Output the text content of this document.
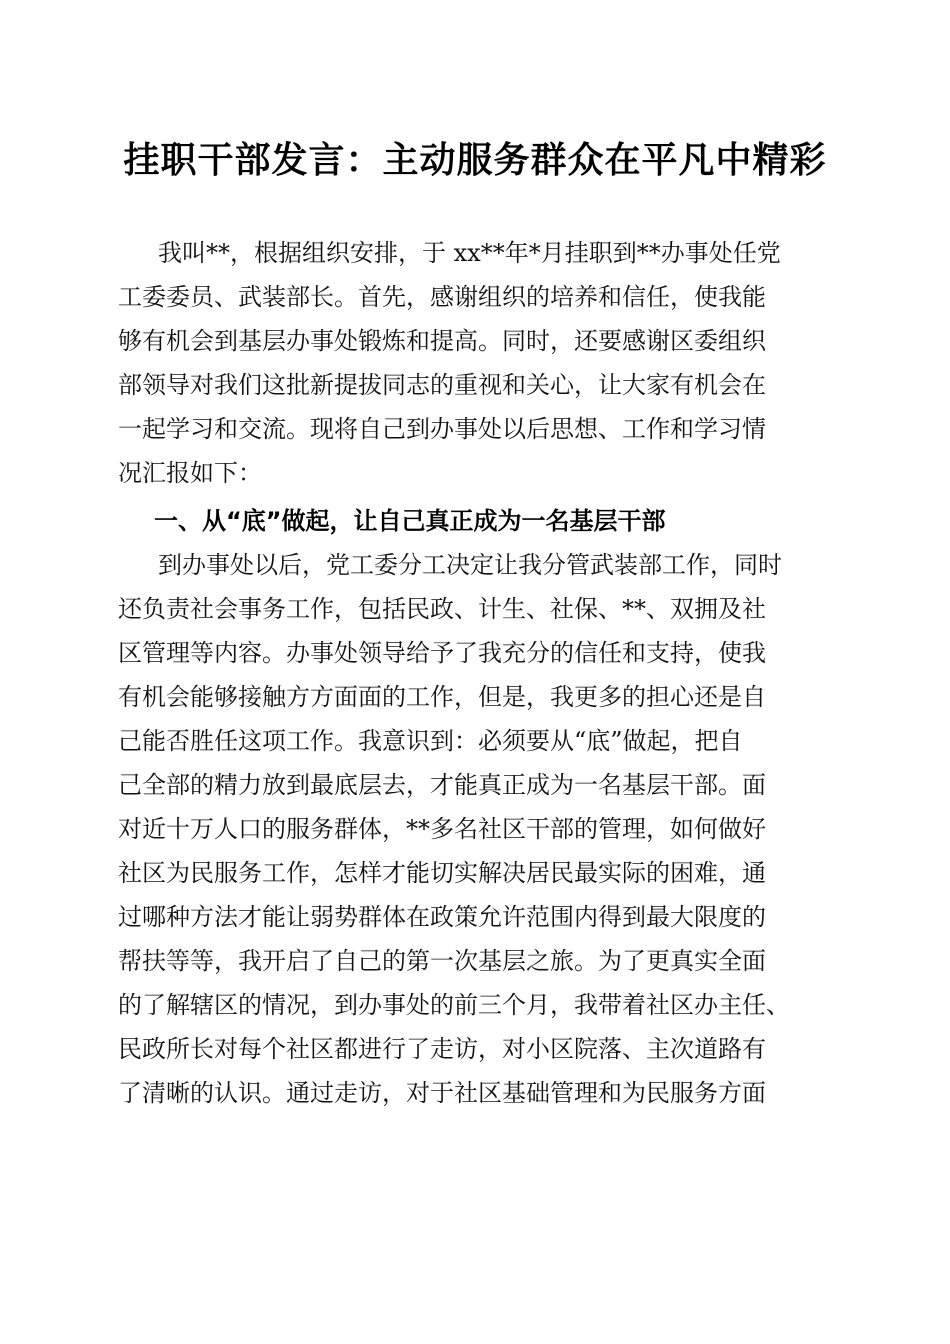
挂职干部发言：主动服务群众在平凡中精彩
我叫**，根据组织安排，于 xx**年*月挂职到**办事处任党
工委委员、武装部长。首先，感谢组织的培养和信任，使我能
够有机会到基层办事处锻炼和提高。同时，还要感谢区委组织
部领导对我们这批新提拔同志的重视和关心，让大家有机会在
一起学习和交流。现将自己到办事处以后思想、工作和学习情
况汇报如下：
一、从“底”做起，让自己真正成为一名基层干部
到办事处以后，党工委分工决定让我分管武装部工作，同时
还负责社会事务工作，包括民政、计生、社保、**、双拥及社
区管理等内容。办事处领导给予了我充分的信任和支持，使我
有机会能够接触方方面面的工作，但是，我更多的担心还是自
己能否胜任这项工作。我意识到：必须要从“底”做起，把自
己全部的精力放到最底层去，才能真正成为一名基层干部。面
对近十万人口的服务群体，**多名社区干部的管理，如何做好
社区为民服务工作，怎样才能切实解决居民最实际的困难，通
过哪种方法才能让弱势群体在政策允许范围内得到最大限度的
帮扶等等，我开启了自己的第一次基层之旅。为了更真实全面
的了解辖区的情况，到办事处的前三个月，我带着社区办主任、
民政所长对每个社区都进行了走访，对小区院落、主次道路有
了清晰的认识。通过走访，对于社区基础管理和为民服务方面
